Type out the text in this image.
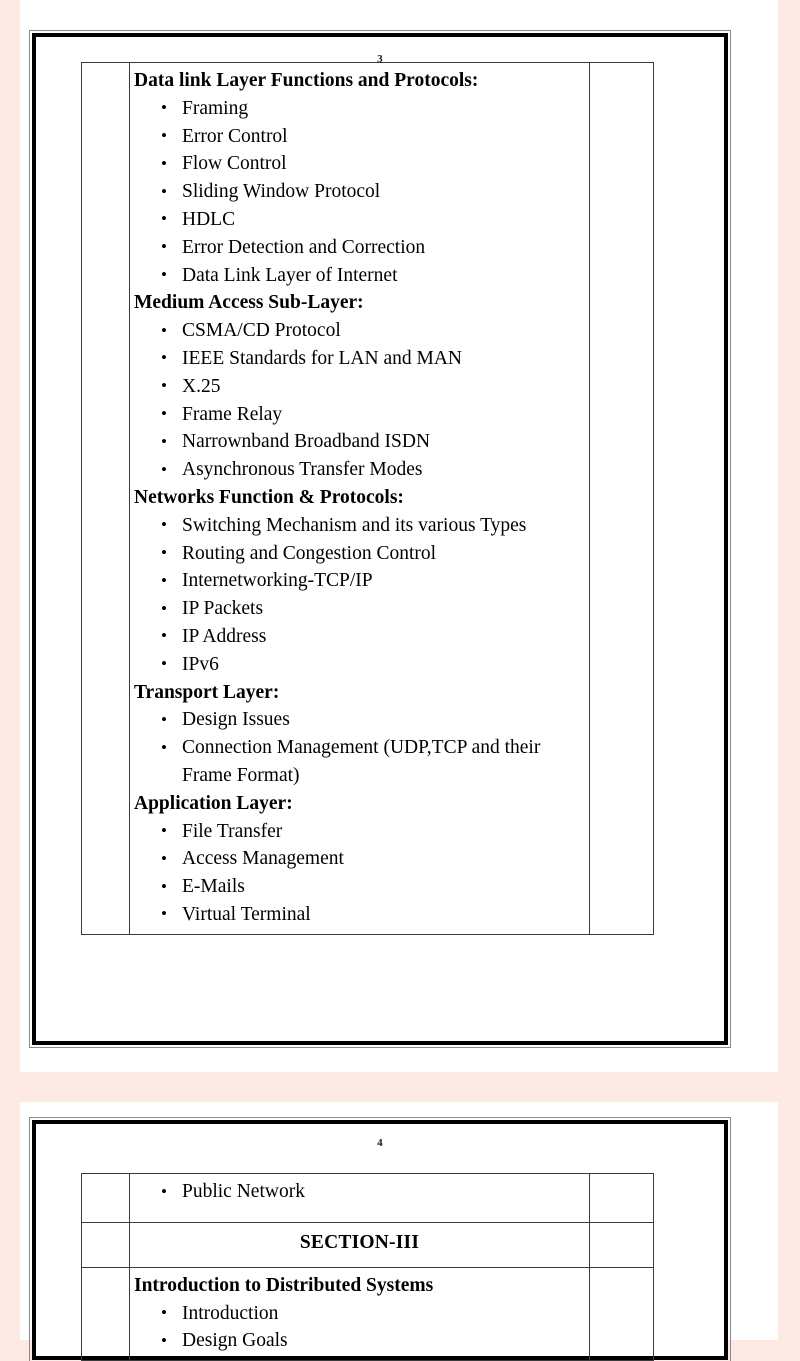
3

Data link Layer Functions and Protocols:
• Framing
• Error Control
• Flow Control
• Sliding Window Protocol
• HDLC
• Error Detection and Correction
• Data Link Layer of Internet
Medium Access Sub-Layer:
• CSMA/CD Protocol
• IEEE Standards for LAN and MAN
• X.25
• Frame Relay
• Narrownband Broadband ISDN
• Asynchronous Transfer Modes
Networks Function & Protocols:
• Switching Mechanism and its various Types
• Routing and Congestion Control
• Internetworking-TCP/IP
• IP Packets
• IP Address
• IPv6
Transport Layer:
• Design Issues
• Connection Management (UDP,TCP and their Frame Format)
Application Layer:
• File Transfer
• Access Management
• E-Mails
• Virtual Terminal

4

• Public Network

	SECTION-III	

Introduction to Distributed Systems
• Introduction
• Design Goals
